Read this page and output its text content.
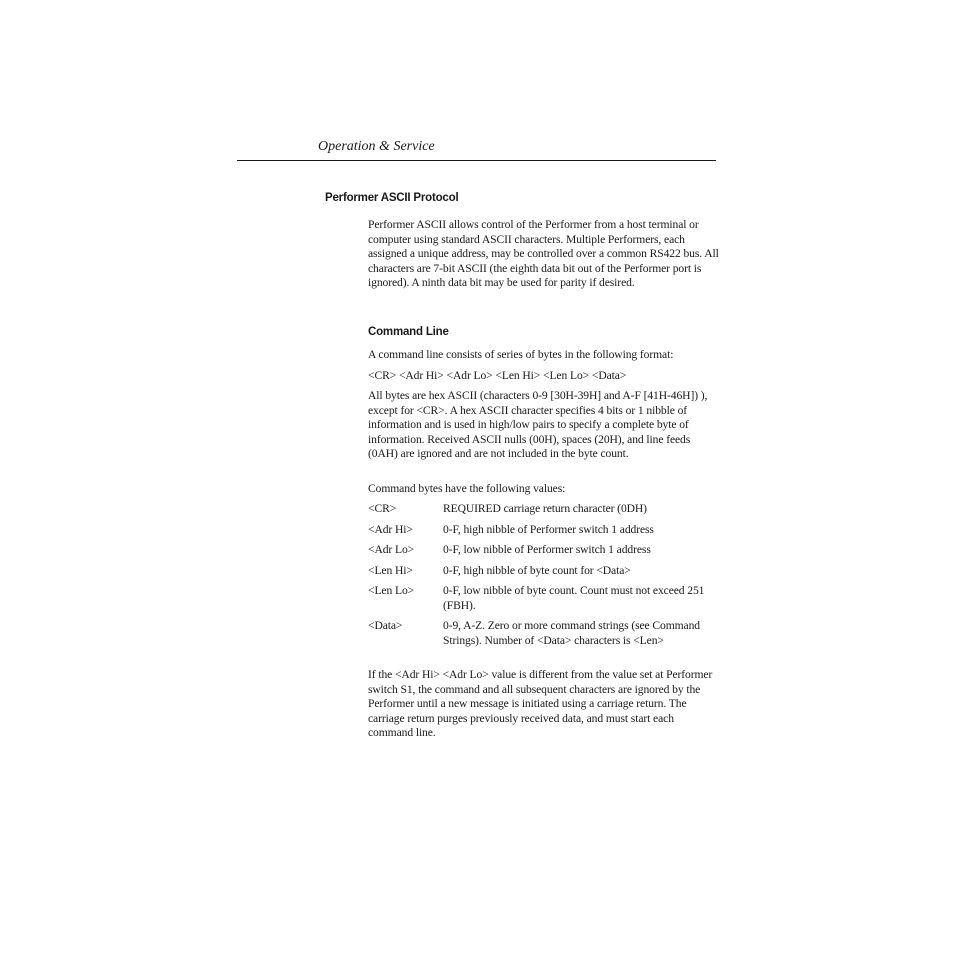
Operation & Service
Performer ASCII Protocol

Performer ASCII allows control of the Performer from a host terminal or computer using standard ASCII characters. Multiple Performers, each assigned a unique address, may be controlled over a common RS422 bus. All characters are 7-bit ASCII (the eighth data bit out of the Performer port is ignored). A ninth data bit may be used for parity if desired.

Command Line

A command line consists of series of bytes in the following format:

<CR> <Adr Hi> <Adr Lo> <Len Hi> <Len Lo> <Data>

All bytes are hex ASCII (characters 0-9 [30H-39H] and A-F [41H-46H]) ), except for <CR>. A hex ASCII character specifies 4 bits or 1 nibble of information and is used in high/low pairs to specify a complete byte of information. Received ASCII nulls (00H), spaces (20H), and line feeds (0AH) are ignored and are not included in the byte count.

Command bytes have the following values:

<CR>	REQUIRED carriage return character (0DH)
<Adr Hi>	0-F, high nibble of Performer switch 1 address
<Adr Lo> 0-F, low nibble of Performer switch 1 address
<Len Hi>	0-F, high nibble of byte count for <Data>
<Len Lo> 0-F, low nibble of byte count. Count must not exceed 251 (FBH).
<Data>	0-9, A-Z. Zero or more command strings (see Command Strings). Number of <Data> characters is <Len>

If the <Adr Hi> <Adr Lo> value is different from the value set at Performer switch S1, the command and all subsequent characters are ignored by the Performer until a new message is initiated using a carriage return. The carriage return purges previously received data, and must start each command line.
